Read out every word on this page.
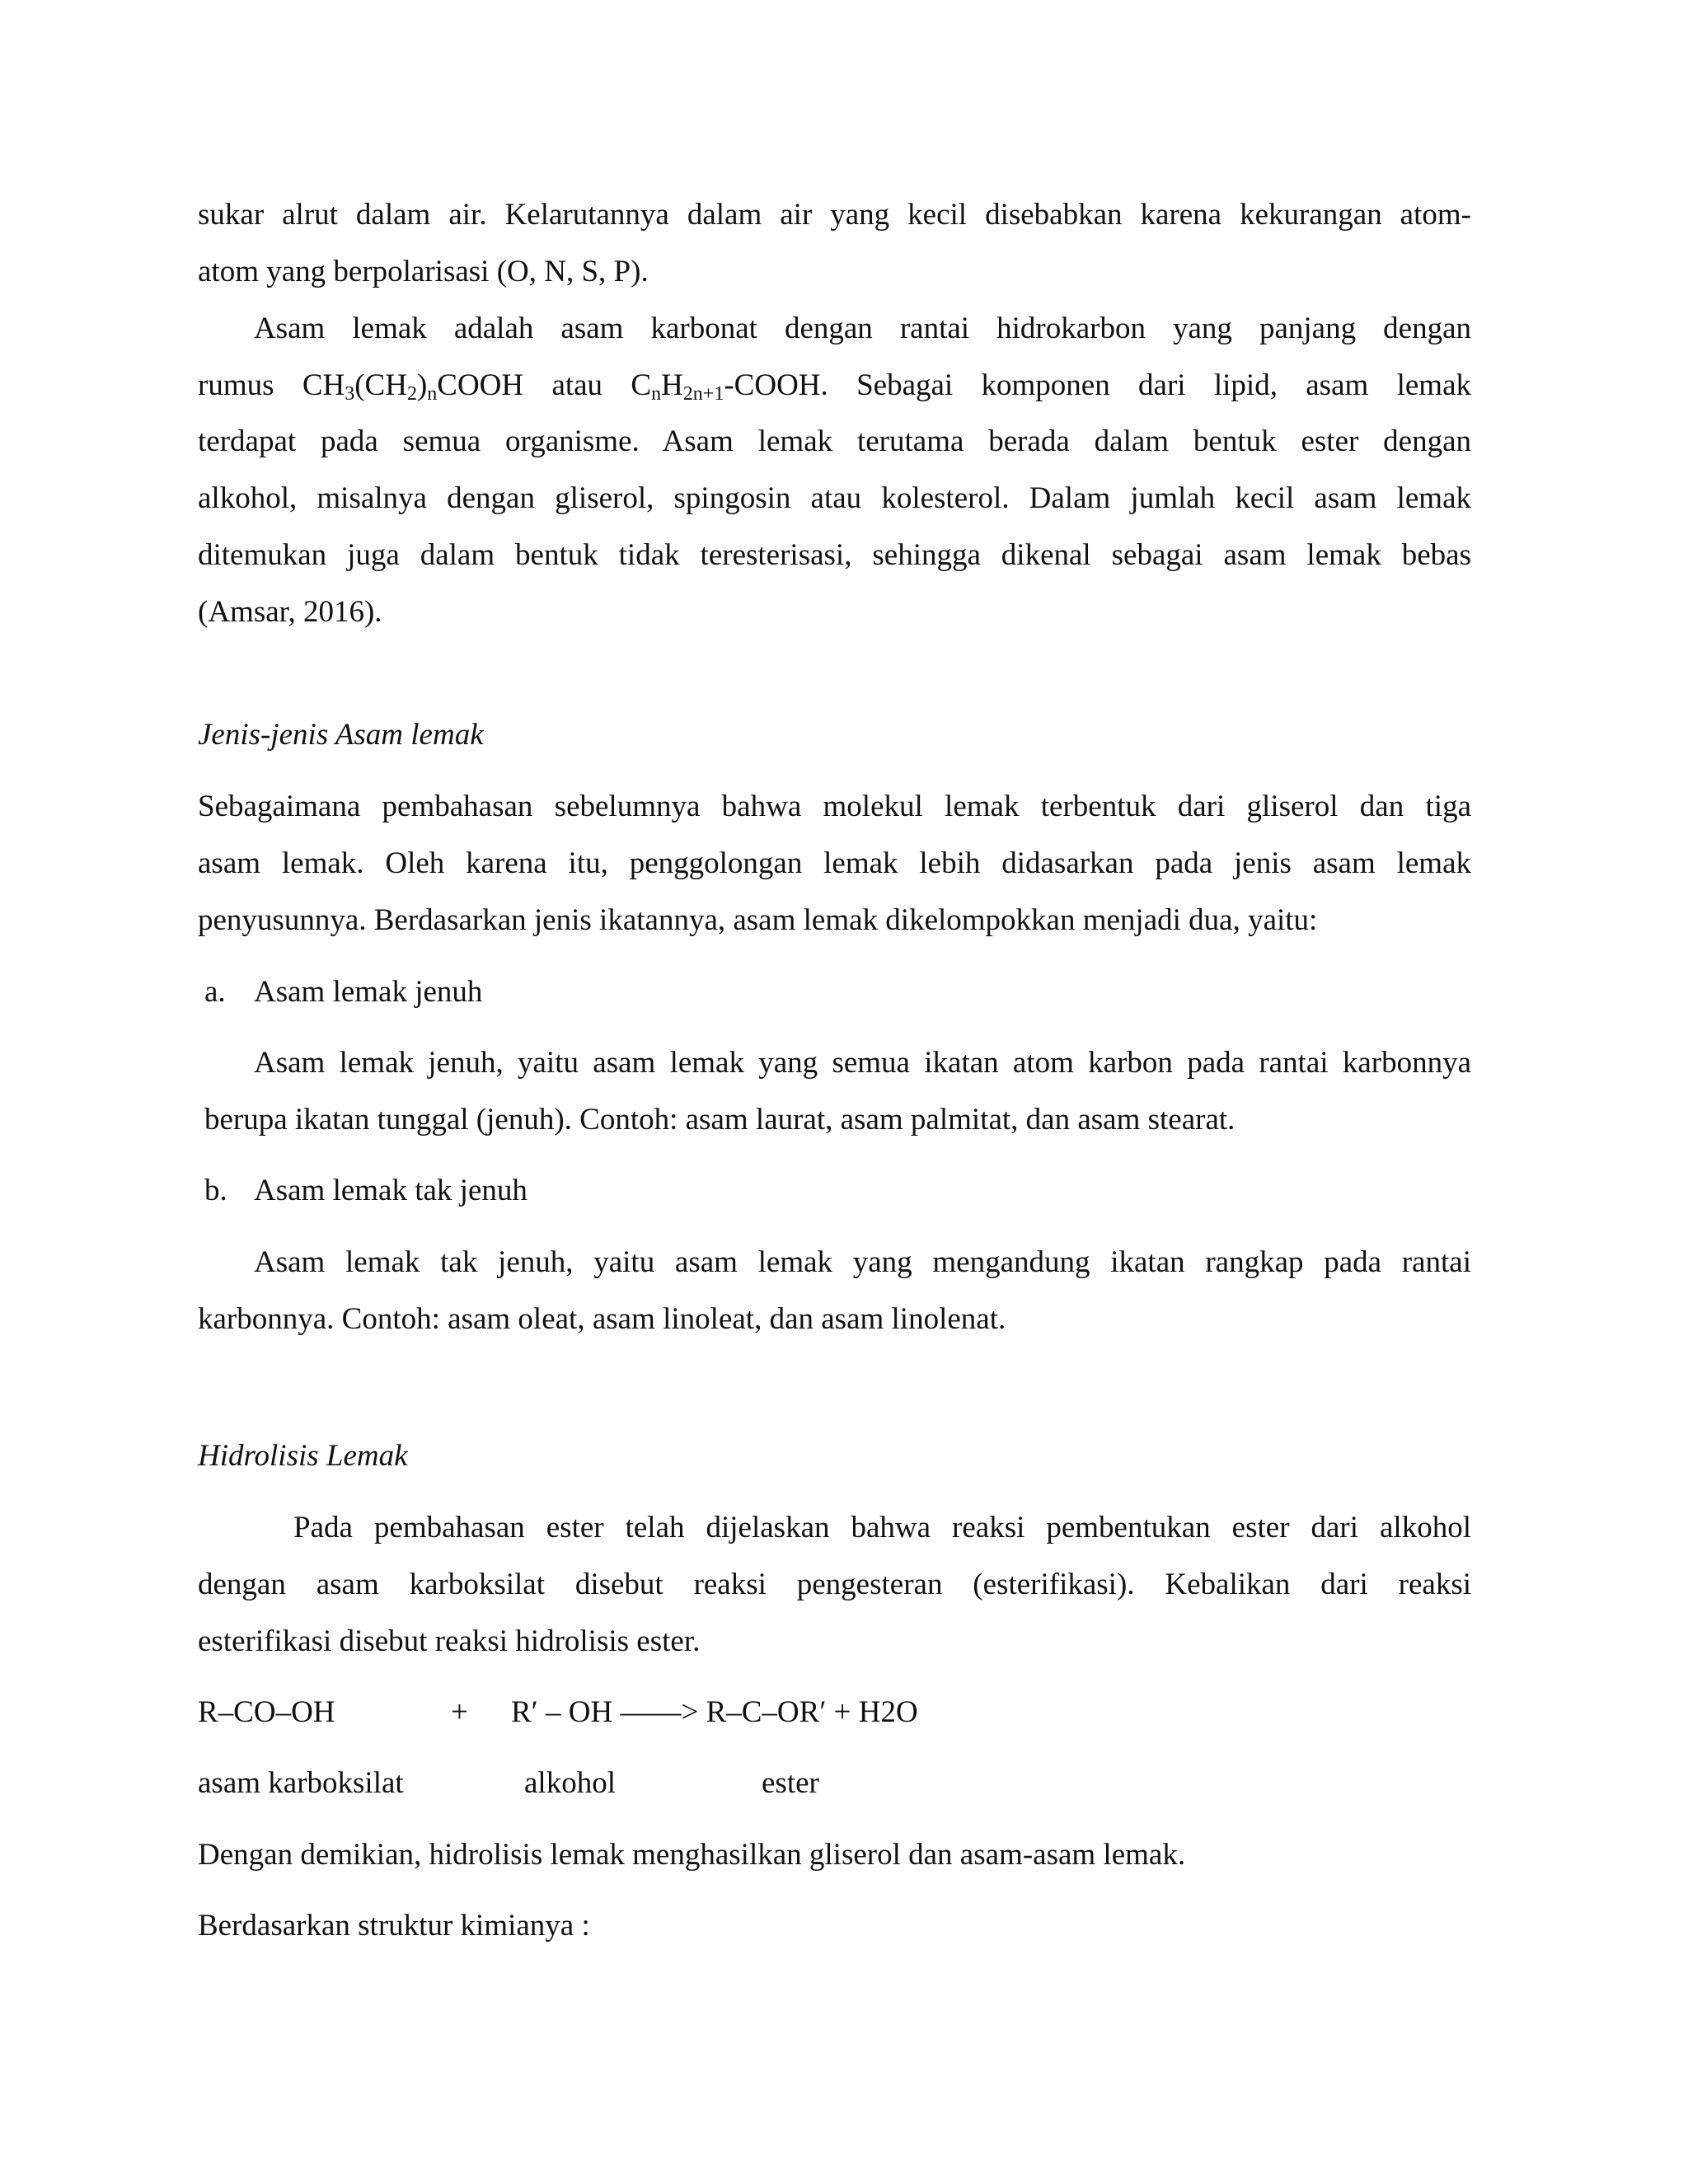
sukar alrut dalam air. Kelarutannya dalam air yang kecil disebabkan karena kekurangan atom-
atom yang berpolarisasi (O, N, S, P).
Asam lemak adalah asam karbonat dengan rantai hidrokarbon yang panjang dengan
rumus $CH_3(CH_2)_nCOOH$ atau $C_nH_{2n+1}$-COOH. Sebagai komponen dari lipid, asam lemak
terdapat pada semua organisme. Asam lemak terutama berada dalam bentuk ester dengan
alkohol, misalnya dengan gliserol, spingosin atau kolesterol. Dalam jumlah kecil asam lemak
ditemukan juga dalam bentuk tidak teresterisasi, sehingga dikenal sebagai asam lemak bebas
(Amsar, 2016).
Jenis-jenis Asam lemak
Sebagaimana pembahasan sebelumnya bahwa molekul lemak terbentuk dari gliserol dan tiga
asam lemak. Oleh karena itu, penggolongan lemak lebih didasarkan pada jenis asam lemak
penyusunnya. Berdasarkan jenis ikatannya, asam lemak dikelompokkan menjadi dua, yaitu:
a. Asam lemak jenuh
Asam lemak jenuh, yaitu asam lemak yang semua ikatan atom karbon pada rantai karbonnya
berupa ikatan tunggal (jenuh). Contoh: asam laurat, asam palmitat, dan asam stearat.
b. Asam lemak tak jenuh
Asam lemak tak jenuh, yaitu asam lemak yang mengandung ikatan rangkap pada rantai
karbonnya. Contoh: asam oleat, asam linoleat, dan asam linolenat.
Hidrolisis Lemak
Pada pembahasan ester telah dijelaskan bahwa reaksi pembentukan ester dari alkohol
dengan asam karboksilat disebut reaksi pengesteran (esterifikasi). Kebalikan dari reaksi
esterifikasi disebut reaksi hidrolisis ester.
R–CO–OH	+ R′ – OH ——> R–C–OR′ + H2O
asam karboksilat	alkohol	ester
Dengan demikian, hidrolisis lemak menghasilkan gliserol dan asam-asam lemak.
Berdasarkan struktur kimianya :
